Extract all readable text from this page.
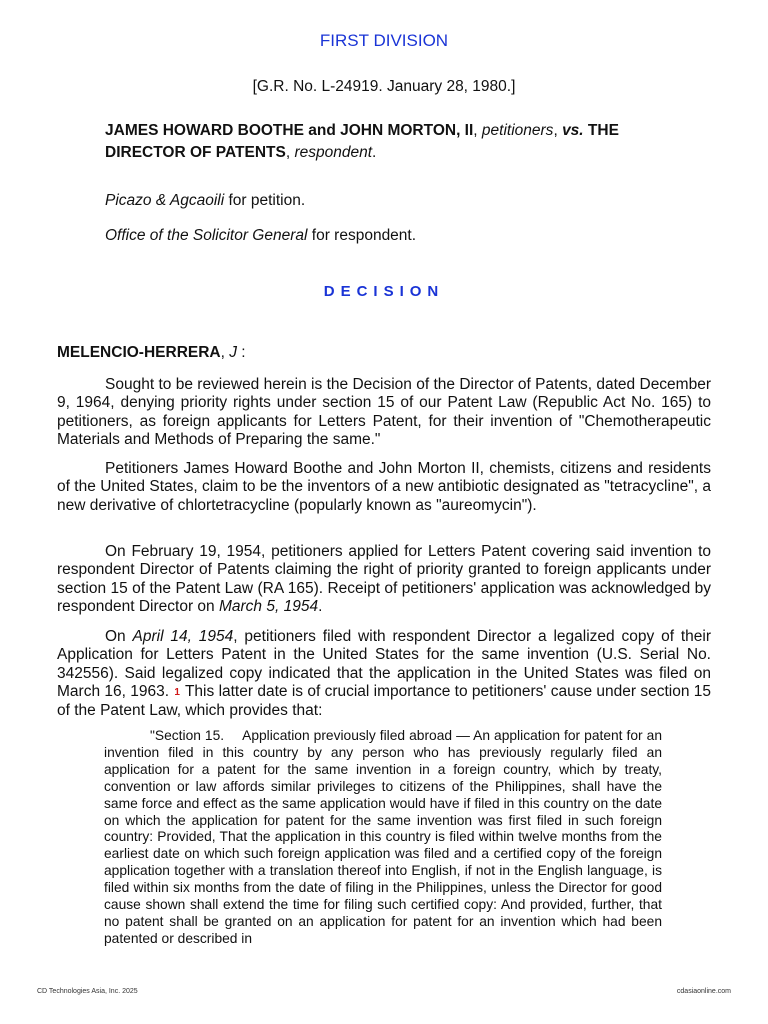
FIRST DIVISION
[G.R. No. L-24919. January 28, 1980.]
JAMES HOWARD BOOTHE and JOHN MORTON, II, petitioners, vs. THE DIRECTOR OF PATENTS, respondent.
Picazo & Agcaoili for petition.
Office of the Solicitor General for respondent.
DECISION
MELENCIO-HERRERA, J :

Sought to be reviewed herein is the Decision of the Director of Patents, dated December 9, 1964, denying priority rights under section 15 of our Patent Law (Republic Act No. 165) to petitioners, as foreign applicants for Letters Patent, for their invention of "Chemotherapeutic Materials and Methods of Preparing the same."

Petitioners James Howard Boothe and John Morton II, chemists, citizens and residents of the United States, claim to be the inventors of a new antibiotic designated as "tetracycline", a new derivative of chlortetracycline (popularly known as "aureomycin").

On February 19, 1954, petitioners applied for Letters Patent covering said invention to respondent Director of Patents claiming the right of priority granted to foreign applicants under section 15 of the Patent Law (RA 165). Receipt of petitioners' application was acknowledged by respondent Director on March 5, 1954.

On April 14, 1954, petitioners filed with respondent Director a legalized copy of their Application for Letters Patent in the United States for the same invention (U.S. Serial No. 342556). Said legalized copy indicated that the application in the United States was filed on March 16, 1963. 1 This latter date is of crucial importance to petitioners' cause under section 15 of the Patent Law, which provides that:

"Section 15. Application previously filed abroad — An application for patent for an invention filed in this country by any person who has previously regularly filed an application for a patent for the same invention in a foreign country, which by treaty, convention or law affords similar privileges to citizens of the Philippines, shall have the same force and effect as the same application would have if filed in this country on the date on which the application for patent for the same invention was first filed in such foreign country: Provided, That the application in this country is filed within twelve months from the earliest date on which such foreign application was filed and a certified copy of the foreign application together with a translation thereof into English, if not in the English language, is filed within six months from the date of filing in the Philippines, unless the Director for good cause shown shall extend the time for filing such certified copy: And provided, further, that no patent shall be granted on an application for patent for an invention which had been patented or described in

CD Technologies Asia, Inc. 2025	cdasiaonline.com
